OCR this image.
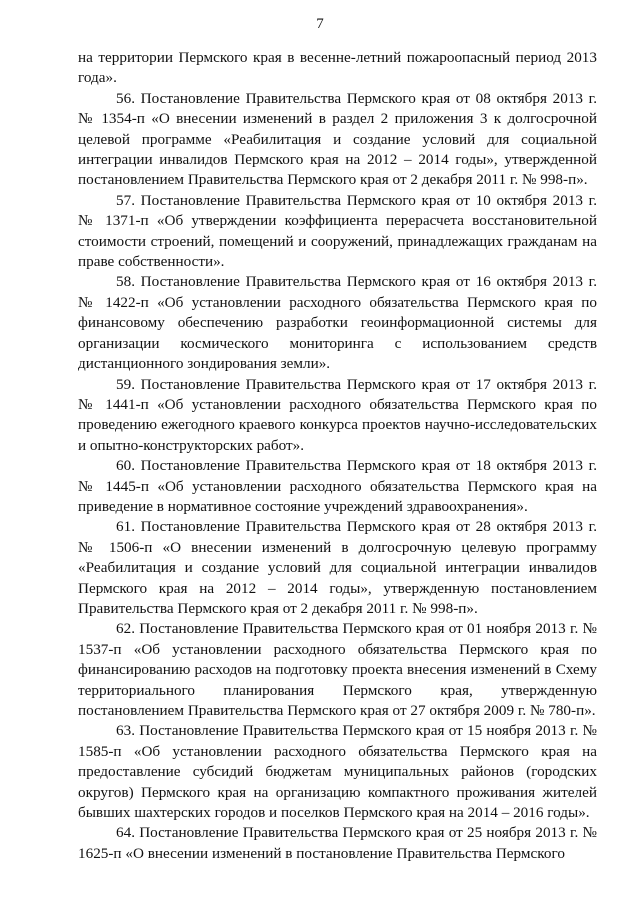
7

на территории Пермского края в весенне-летний пожароопасный период 2013 года».

56. Постановление Правительства Пермского края от 08 октября 2013 г. № 1354-п «О внесении изменений в раздел 2 приложения 3 к долгосрочной целевой программе «Реабилитация и создание условий для социальной интеграции инвалидов Пермского края на 2012 – 2014 годы», утвержденной постановлением Правительства Пермского края от 2 декабря 2011 г. № 998-п».

57. Постановление Правительства Пермского края от 10 октября 2013 г. № 1371-п «Об утверждении коэффициента перерасчета восстановительной стоимости строений, помещений и сооружений, принадлежащих гражданам на праве собственности».

58. Постановление Правительства Пермского края от 16 октября 2013 г. № 1422-п «Об установлении расходного обязательства Пермского края по финансовому обеспечению разработки геоинформационной системы для организации космического мониторинга с использованием средств дистанционного зондирования земли».

59. Постановление Правительства Пермского края от 17 октября 2013 г. № 1441-п «Об установлении расходного обязательства Пермского края по проведению ежегодного краевого конкурса проектов научно-исследовательских и опытно-конструкторских работ».

60. Постановление Правительства Пермского края от 18 октября 2013 г. № 1445-п «Об установлении расходного обязательства Пермского края на приведение в нормативное состояние учреждений здравоохранения».

61. Постановление Правительства Пермского края от 28 октября 2013 г. № 1506-п «О внесении изменений в долгосрочную целевую программу «Реабилитация и создание условий для социальной интеграции инвалидов Пермского края на 2012 – 2014 годы», утвержденную постановлением Правительства Пермского края от 2 декабря 2011 г. № 998-п».

62. Постановление Правительства Пермского края от 01 ноября 2013 г. № 1537-п «Об установлении расходного обязательства Пермского края по финансированию расходов на подготовку проекта внесения изменений в Схему территориального планирования Пермского края, утвержденную постановлением Правительства Пермского края от 27 октября 2009 г. № 780-п».

63. Постановление Правительства Пермского края от 15 ноября 2013 г. № 1585-п «Об установлении расходного обязательства Пермского края на предоставление субсидий бюджетам муниципальных районов (городских округов) Пермского края на организацию компактного проживания жителей бывших шахтерских городов и поселков Пермского края на 2014 – 2016 годы».

64. Постановление Правительства Пермского края от 25 ноября 2013 г. № 1625-п «О внесении изменений в постановление Правительства Пермского
